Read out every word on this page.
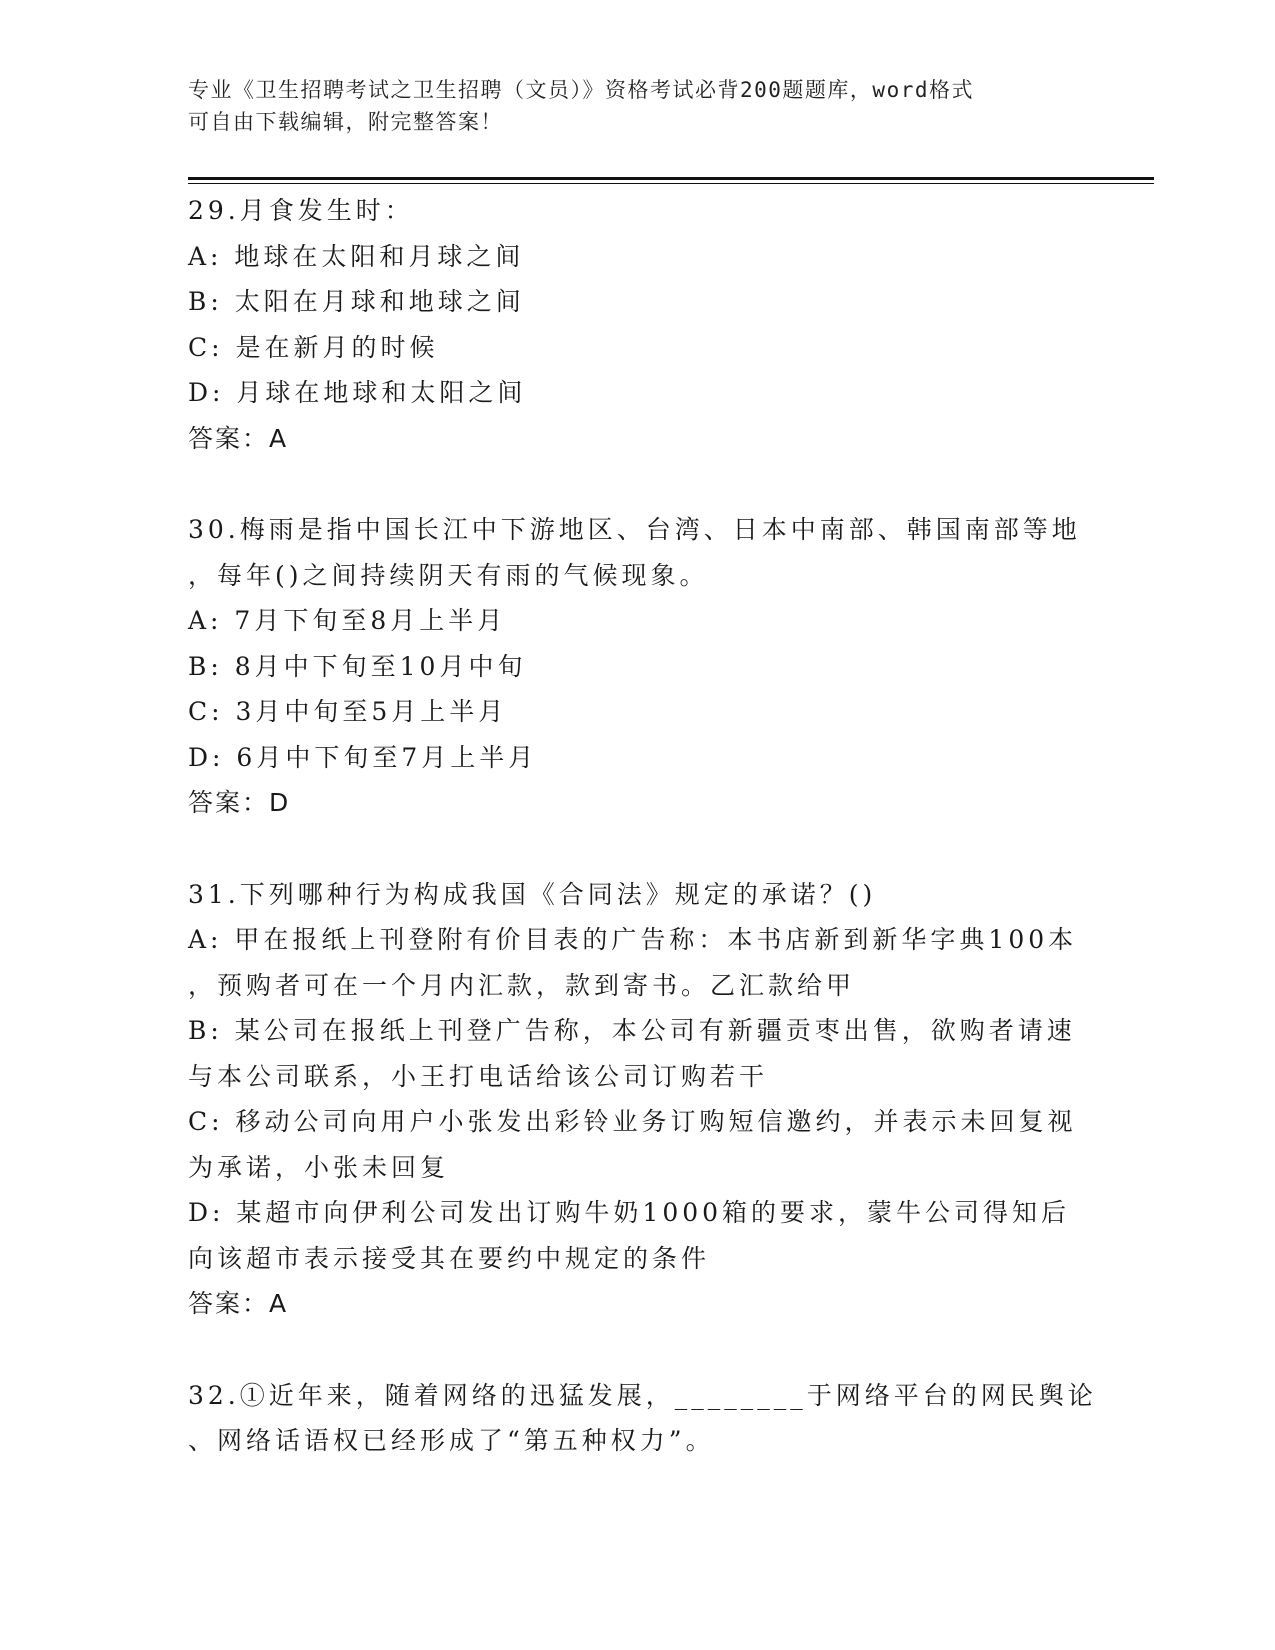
专业《卫生招聘考试之卫生招聘（文员）》资格考试必背200题题库，word格式
可自由下载编辑，附完整答案！
29.月食发生时：
A: 地球在太阳和月球之间
B: 太阳在月球和地球之间
C: 是在新月的时候
D: 月球在地球和太阳之间
答案：A
30.梅雨是指中国长江中下游地区、台湾、日本中南部、韩国南部等地
，每年()之间持续阴天有雨的气候现象。
A: 7月下旬至8月上半月
B: 8月中下旬至10月中旬
C: 3月中旬至5月上半月
D: 6月中下旬至7月上半月
答案：D
31.下列哪种行为构成我国《合同法》规定的承诺？()
A: 甲在报纸上刊登附有价目表的广告称：本书店新到新华字典100本
，预购者可在一个月内汇款，款到寄书。乙汇款给甲
B: 某公司在报纸上刊登广告称，本公司有新疆贡枣出售，欲购者请速
与本公司联系，小王打电话给该公司订购若干
C: 移动公司向用户小张发出彩铃业务订购短信邀约，并表示未回复视
为承诺，小张未回复
D: 某超市向伊利公司发出订购牛奶1000箱的要求，蒙牛公司得知后
向该超市表示接受其在要约中规定的条件
答案：A
32.①近年来，随着网络的迅猛发展，________于网络平台的网民舆论
、网络话语权已经形成了“第五种权力”。
